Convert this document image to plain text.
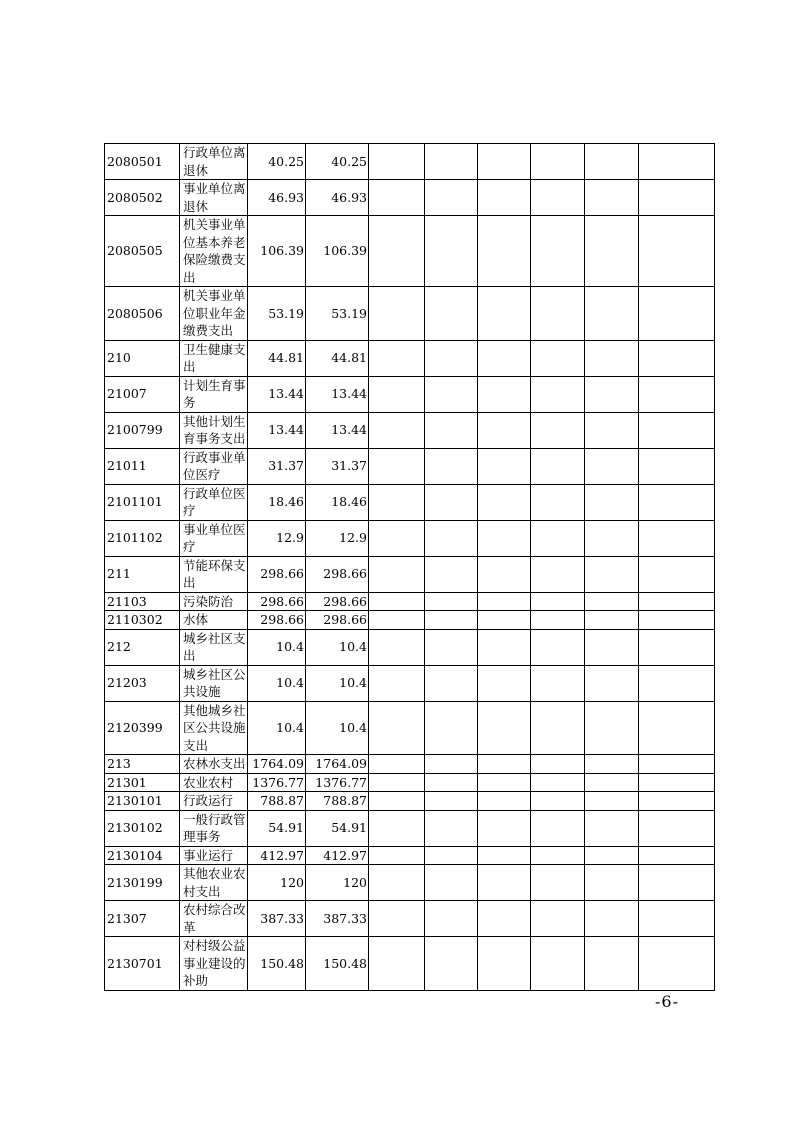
2080501	行政单位离退休	40.25	40.25						
2080502	事业单位离退休	46.93	46.93						
2080505	机关事业单位基本养老保险缴费支出	106.39	106.39						
2080506	机关事业单位职业年金缴费支出	53.19	53.19						
210	卫生健康支出	44.81	44.81						
21007	计划生育事务	13.44	13.44						
2100799	其他计划生育事务支出	13.44	13.44						
21011	行政事业单位医疗	31.37	31.37						
2101101	行政单位医疗	18.46	18.46						
2101102	事业单位医疗	12.9	12.9						
211	节能环保支出	298.66	298.66						
21103	污染防治	298.66	298.66						
2110302	水体	298.66	298.66						
212	城乡社区支出	10.4	10.4						
21203	城乡社区公共设施	10.4	10.4						
2120399	其他城乡社区公共设施支出	10.4	10.4						
213	农林水支出	1764.09	1764.09						
21301	农业农村	1376.77	1376.77						
2130101	行政运行	788.87	788.87						
2130102	一般行政管理事务	54.91	54.91						
2130104	事业运行	412.97	412.97						
2130199	其他农业农村支出	120	120						
21307	农村综合改革	387.33	387.33						
2130701	对村级公益事业建设的补助	150.48	150.48						
-6-
